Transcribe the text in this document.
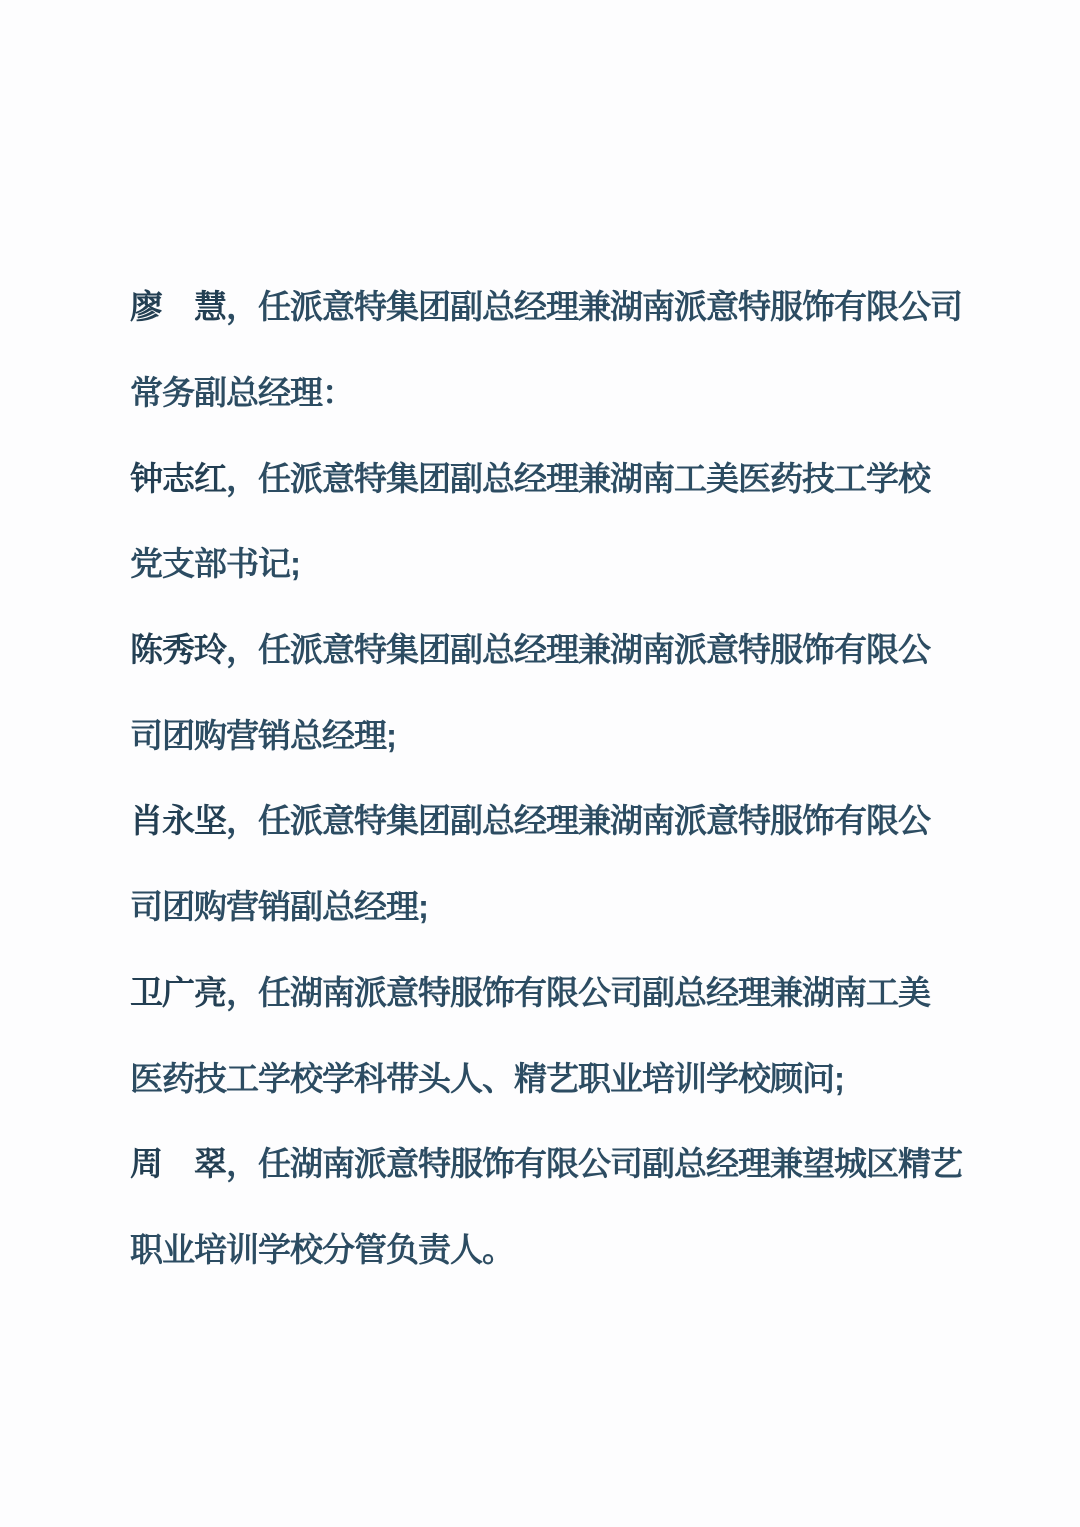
廖　慧 ，任派意特集团副总经理兼湖南派意特服饰有限公司
常务副总经理：
钟志红 ，任派意特集团副总经理兼湖南工美医药技工学校
党支部书记;
陈秀玲 ，任派意特集团副总经理兼湖南派意特服饰有限公
司团购营销总经理;
肖永坚 ，任派意特集团副总经理兼湖南派意特服饰有限公
司团购营销副总经理;
卫广亮 ，任湖南派意特服饰有限公司副总经理兼湖南工美
医药技工学校学科带头人、精艺职业培训学校顾问;
周　翠 ，任湖南派意特服饰有限公司副总经理兼望城区精艺
职业培训学校分管负责人。
